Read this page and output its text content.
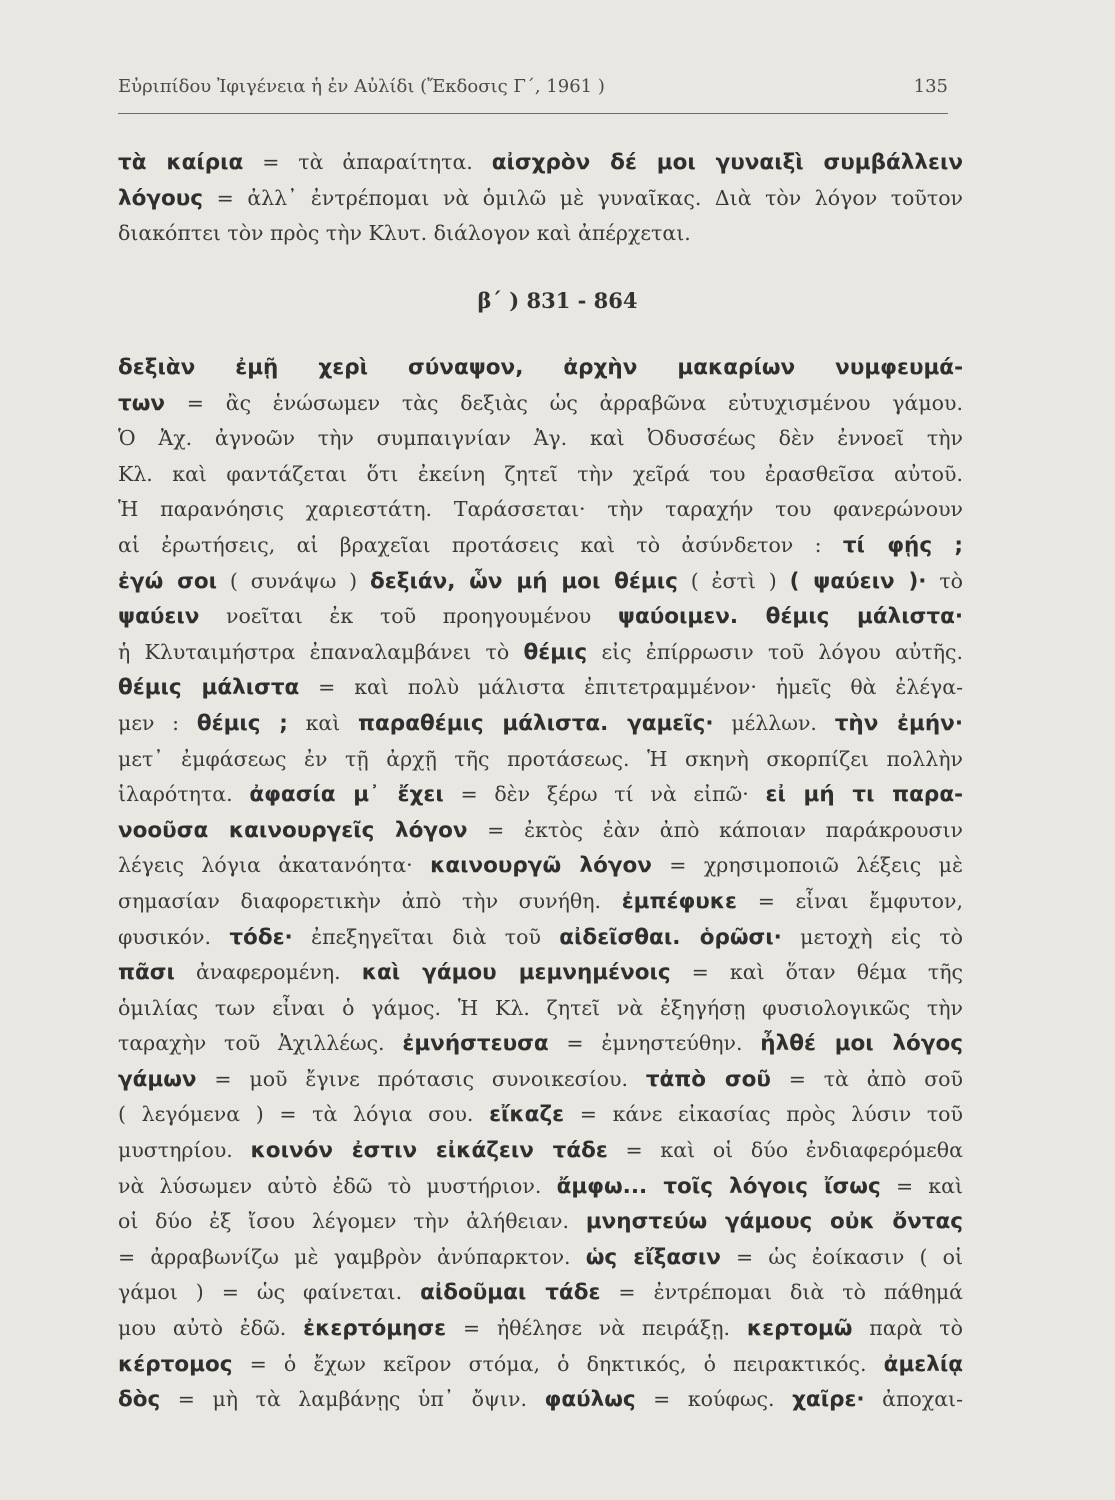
Εὐριπίδου Ἰφιγένεια ἡ ἐν Αὐλίδι (Ἔκδοσις Γ΄, 1961 )	135
τὰ καίρια = τὰ ἀπαραίτητα. αἰσχρὸν δέ μοι γυναιξὶ συμβάλλειν
λόγους = ἀλλ᾽ ἐντρέπομαι νὰ ὁμιλῶ μὲ γυναῖκας. Διὰ τὸν λόγον τοῦτον
διακόπτει τὸν πρὸς τὴν Κλυτ. διάλογον καὶ ἀπέρχεται.
β΄ ) 831 - 864
δεξιὰν ἐμῇ χερὶ σύναψον, ἀρχὴν μακαρίων νυμφευμά-
των = ἂς ἑνώσωμεν τὰς δεξιὰς ὡς ἀρραβῶνα εὐτυχισμένου γάμου.
Ὁ Ἀχ. ἀγνοῶν τὴν συμπαιγνίαν Ἀγ. καὶ Ὀδυσσέως δὲν ἐννοεῖ τὴν
Κλ. καὶ φαντάζεται ὅτι ἐκείνη ζητεῖ τὴν χεῖρά του ἐρασθεῖσα αὐτοῦ.
Ἡ παρανόησις χαριεστάτη. Ταράσσεται· τὴν ταραχήν του φανερώνουν
αἱ ἐρωτήσεις, αἱ βραχεῖαι προτάσεις καὶ τὸ ἀσύνδετον : τί φῄς ;
ἐγώ σοι ( συνάψω ) δεξιάν, ὧν μή μοι θέμις ( ἐστὶ ) ( ψαύειν )· τὸ
ψαύειν νοεῖται ἐκ τοῦ προηγουμένου ψαύοιμεν. θέμις μάλιστα·
ἡ Κλυταιμήστρα ἐπαναλαμβάνει τὸ θέμις εἰς ἐπίρρωσιν τοῦ λόγου αὐτῆς.
θέμις μάλιστα = καὶ πολὺ μάλιστα ἐπιτετραμμένον· ἡμεῖς θὰ ἐλέγα-
μεν : θέμις ; καὶ παραθέμις μάλιστα. γαμεῖς· μέλλων. τὴν ἐμήν·
μετ᾽ ἐμφάσεως ἐν τῇ ἀρχῇ τῆς προτάσεως. Ἡ σκηνὴ σκορπίζει πολλὴν
ἱλαρότητα. ἀφασία μ᾽ ἔχει = δὲν ξέρω τί νὰ εἰπῶ· εἰ μή τι παρα-
νοοῦσα καινουργεῖς λόγον = ἐκτὸς ἐὰν ἀπὸ κάποιαν παράκρουσιν
λέγεις λόγια ἀκατανόητα· καινουργῶ λόγον = χρησιμοποιῶ λέξεις μὲ
σημασίαν διαφορετικὴν ἀπὸ τὴν συνήθη. ἐμπέφυκε = εἶναι ἔμφυτον,
φυσικόν. τόδε· ἐπεξηγεῖται διὰ τοῦ αἰδεῖσθαι. ὁρῶσι· μετοχὴ εἰς τὸ
πᾶσι ἀναφερομένη. καὶ γάμου μεμνημένοις = καὶ ὅταν θέμα τῆς
ὁμιλίας των εἶναι ὁ γάμος. Ἡ Κλ. ζητεῖ νὰ ἐξηγήσῃ φυσιολογικῶς τὴν
ταραχὴν τοῦ Ἀχιλλέως. ἐμνήστευσα = ἐμνηστεύθην. ἦλθέ μοι λόγος
γάμων = μοῦ ἔγινε πρότασις συνοικεσίου. τἀπὸ σοῦ = τὰ ἀπὸ σοῦ
( λεγόμενα ) = τὰ λόγια σου. εἴκαζε = κάνε εἰκασίας πρὸς λύσιν τοῦ
μυστηρίου. κοινόν ἐστιν εἰκάζειν τάδε = καὶ οἱ δύο ἐνδιαφερόμεθα
νὰ λύσωμεν αὐτὸ ἐδῶ τὸ μυστήριον. ἄμφω... τοῖς λόγοις ἴσως = καὶ
οἱ δύο ἐξ ἴσου λέγομεν τὴν ἀλήθειαν. μνηστεύω γάμους οὐκ ὄντας
= ἀρραβωνίζω μὲ γαμβρὸν ἀνύπαρκτον. ὡς εἴξασιν = ὡς ἐοίκασιν ( οἱ
γάμοι ) = ὡς φαίνεται. αἰδοῦμαι τάδε = ἐντρέπομαι διὰ τὸ πάθημά
μου αὐτὸ ἐδῶ. ἐκερτόμησε = ἠθέλησε νὰ πειράξῃ. κερτομῶ παρὰ τὸ
κέρτομος = ὁ ἔχων κεῖρον στόμα, ὁ δηκτικός, ὁ πειρακτικός. ἀμελίᾳ
δὸς = μὴ τὰ λαμβάνῃς ὑπ᾽ ὄψιν. φαύλως = κούφως. χαῖρε· ἀποχαι-
